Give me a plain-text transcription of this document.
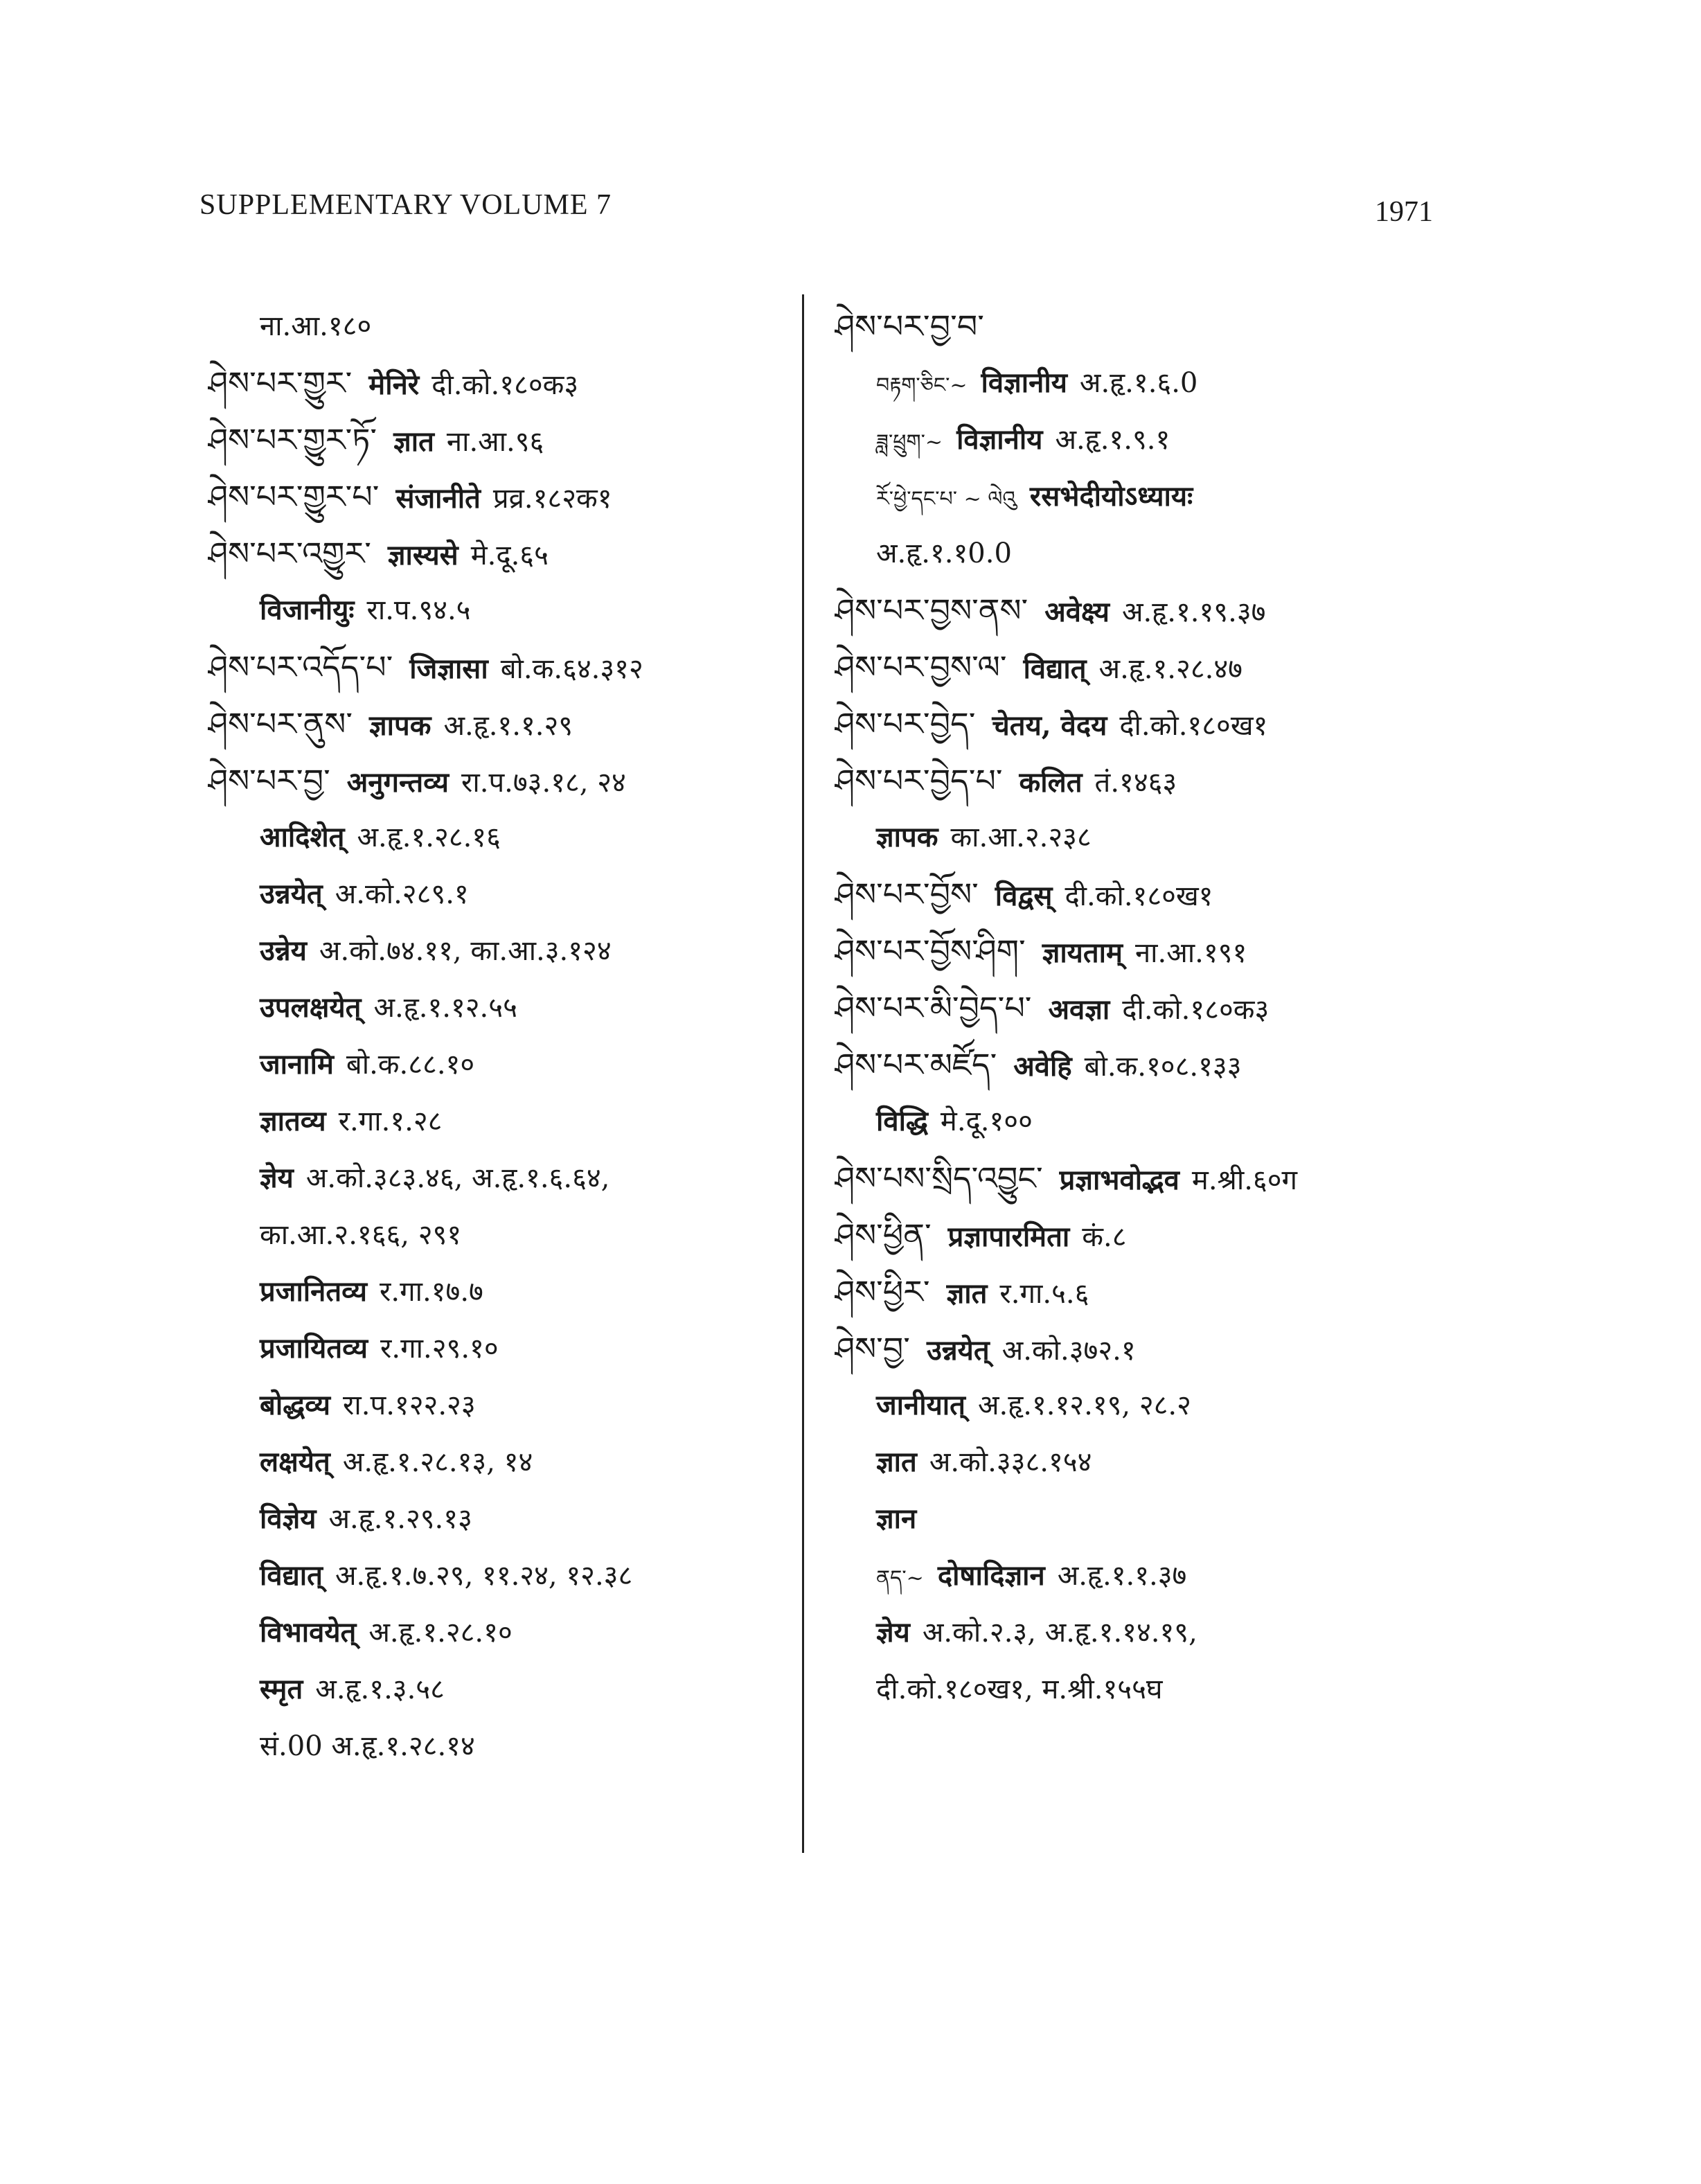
SUPPLEMENTARY VOLUME 7	1971
ना.आ.१८०
ཤེས་པར་གྱུར་ मेनिरे दी.को.१८०क३
ཤེས་པར་གྱུར་ཏོ་ ज्ञात ना.आ.९६
ཤེས་པར་གྱུར་པ་ संजानीते प्रव्र.१८२क१
ཤེས་པར་འགྱུར་ ज्ञास्यसे मे.दू.६५
विजानीयुः रा.प.९४.५
ཤེས་པར་འདོད་པ་ जिज्ञासा बो.क.६४.३१२
ཤེས་པར་ནུས་ ज्ञापक अ.हृ.१.१.२९
ཤེས་པར་བྱ་ अनुगन्तव्य रा.प.७३.१८, २४
आदिशेत् अ.हृ.१.२८.१६
उन्नयेत् अ.को.२८९.१
उन्नेय अ.को.७४.११, का.आ.३.१२४
उपलक्षयेत् अ.हृ.१.१२.५५
जानामि बो.क.८८.१०
ज्ञातव्य र.गा.१.२८
ज्ञेय अ.को.३८३.४६, अ.हृ.१.६.६४,
का.आ.२.१६६, २९१
प्रजानितव्य र.गा.१७.७
प्रजायितव्य र.गा.२९.१०
बोद्धव्य रा.प.१२२.२३
लक्षयेत् अ.हृ.१.२८.१३, १४
विज्ञेय अ.हृ.१.२९.१३
विद्यात् अ.हृ.१.७.२९, ११.२४, १२.३८
विभावयेत् अ.हृ.१.२८.१०
स्मृत अ.हृ.१.३.५८
सं.00 अ.हृ.१.२८.१४
ཤེས་པར་བྱ་བ་
བརྟག་ཅིང་~ विज्ञानीय अ.हृ.१.६.0
ཟླ་ཕྲུག་~ विज्ञानीय अ.हृ.१.९.१
རོ་ཕྱེ་དང་པ་ ~ ལེའུ रसभेदीयोऽध्यायः
अ.हृ.१.१0.0
ཤེས་པར་བྱས་ནས་ अवेक्ष्य अ.हृ.१.१९.३७
ཤེས་པར་བྱས་ལ་ विद्यात् अ.हृ.१.२८.४७
ཤེས་པར་བྱེད་ चेतय, वेदय दी.को.१८०ख१
ཤེས་པར་བྱེད་པ་ कलित तं.१४६३
ज्ञापक का.आ.२.२३८
ཤེས་པར་བྱོས་ विद्वस् दी.को.१८०ख१
ཤེས་པར་བྱོས་ཤིག་ ज्ञायताम् ना.आ.१९१
ཤེས་པར་མི་བྱེད་པ་ अवज्ञा दी.को.१८०क३
ཤེས་པར་མཛོད་ अवेहि बो.क.१०८.१३३
विद्धि मे.दू.१००
ཤེས་པས་སྲིད་འབྱུང་ प्रज्ञाभवोद्भव म.श्री.६०ग
ཤེས་ཕྱིན་ प्रज्ञापारमिता कं.८
ཤེས་ཕྱིར་ ज्ञात र.गा.५.६
ཤེས་བྱ་ उन्नयेत् अ.को.३७२.१
जानीयात् अ.हृ.१.१२.१९, २८.२
ज्ञात अ.को.३३८.१५४
ज्ञान
ནད་~ दोषादिज्ञान अ.हृ.१.१.३७
ज्ञेय अ.को.२.३, अ.हृ.१.१४.१९,
दी.को.१८०ख१, म.श्री.१५५घ
